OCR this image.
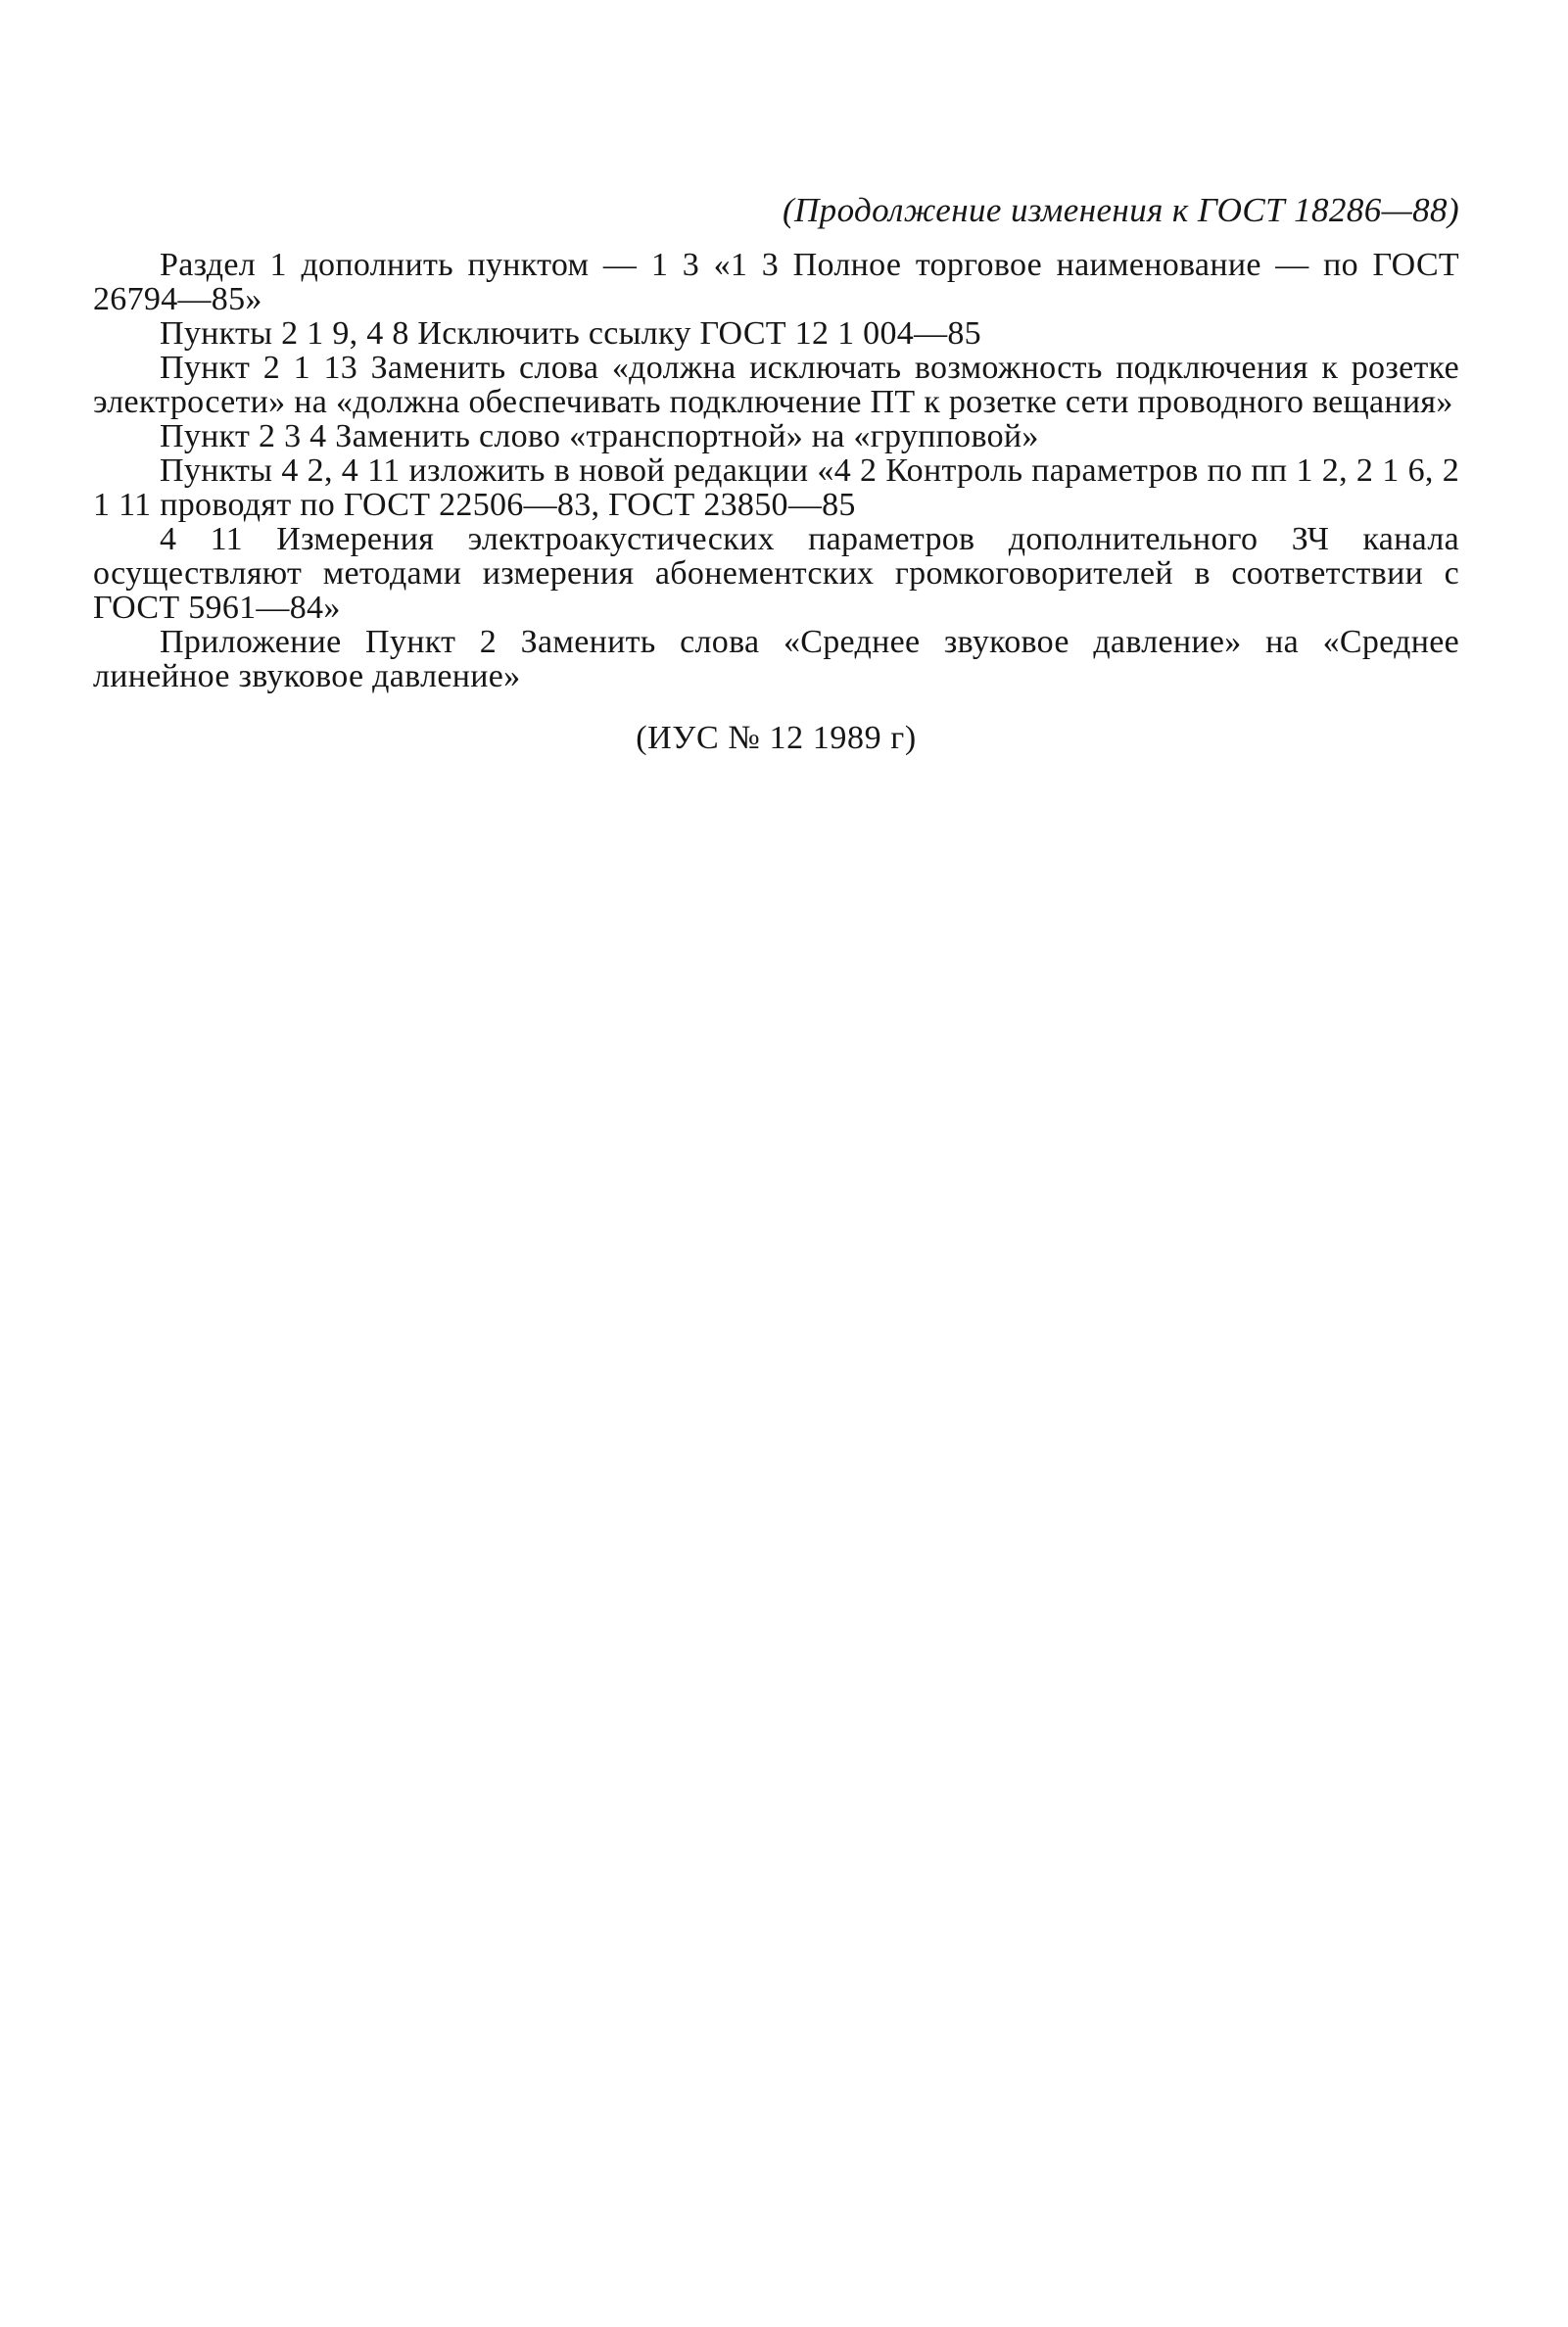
(Продолжение изменения к ГОСТ 18286—88)

Раздел 1 дополнить пунктом — 1 3 «1 3 Полное торговое наименование — по ГОСТ 26794—85»

Пункты 2 1 9, 4 8 Исключить ссылку ГОСТ 12 1 004—85

Пункт 2 1 13 Заменить слова «должна исключать возможность подключения к розетке электросети» на «должна обеспечивать подключение ПТ к розетке сети проводного вещания»

Пункт 2 3 4 Заменить слово «транспортной» на «групповой»

Пункты 4 2, 4 11 изложить в новой редакции «4 2 Контроль параметров по пп 1 2, 2 1 6, 2 1 11 проводят по ГОСТ 22506—83, ГОСТ 23850—85

4 11 Измерения электроакустических параметров дополнительного ЗЧ канала осуществляют методами измерения абонементских громкоговорителей в соответствии с ГОСТ 5961—84»

Приложение Пункт 2 Заменить слова «Среднее звуковое давление» на «Среднее линейное звуковое давление»

(ИУС № 12 1989 г)
